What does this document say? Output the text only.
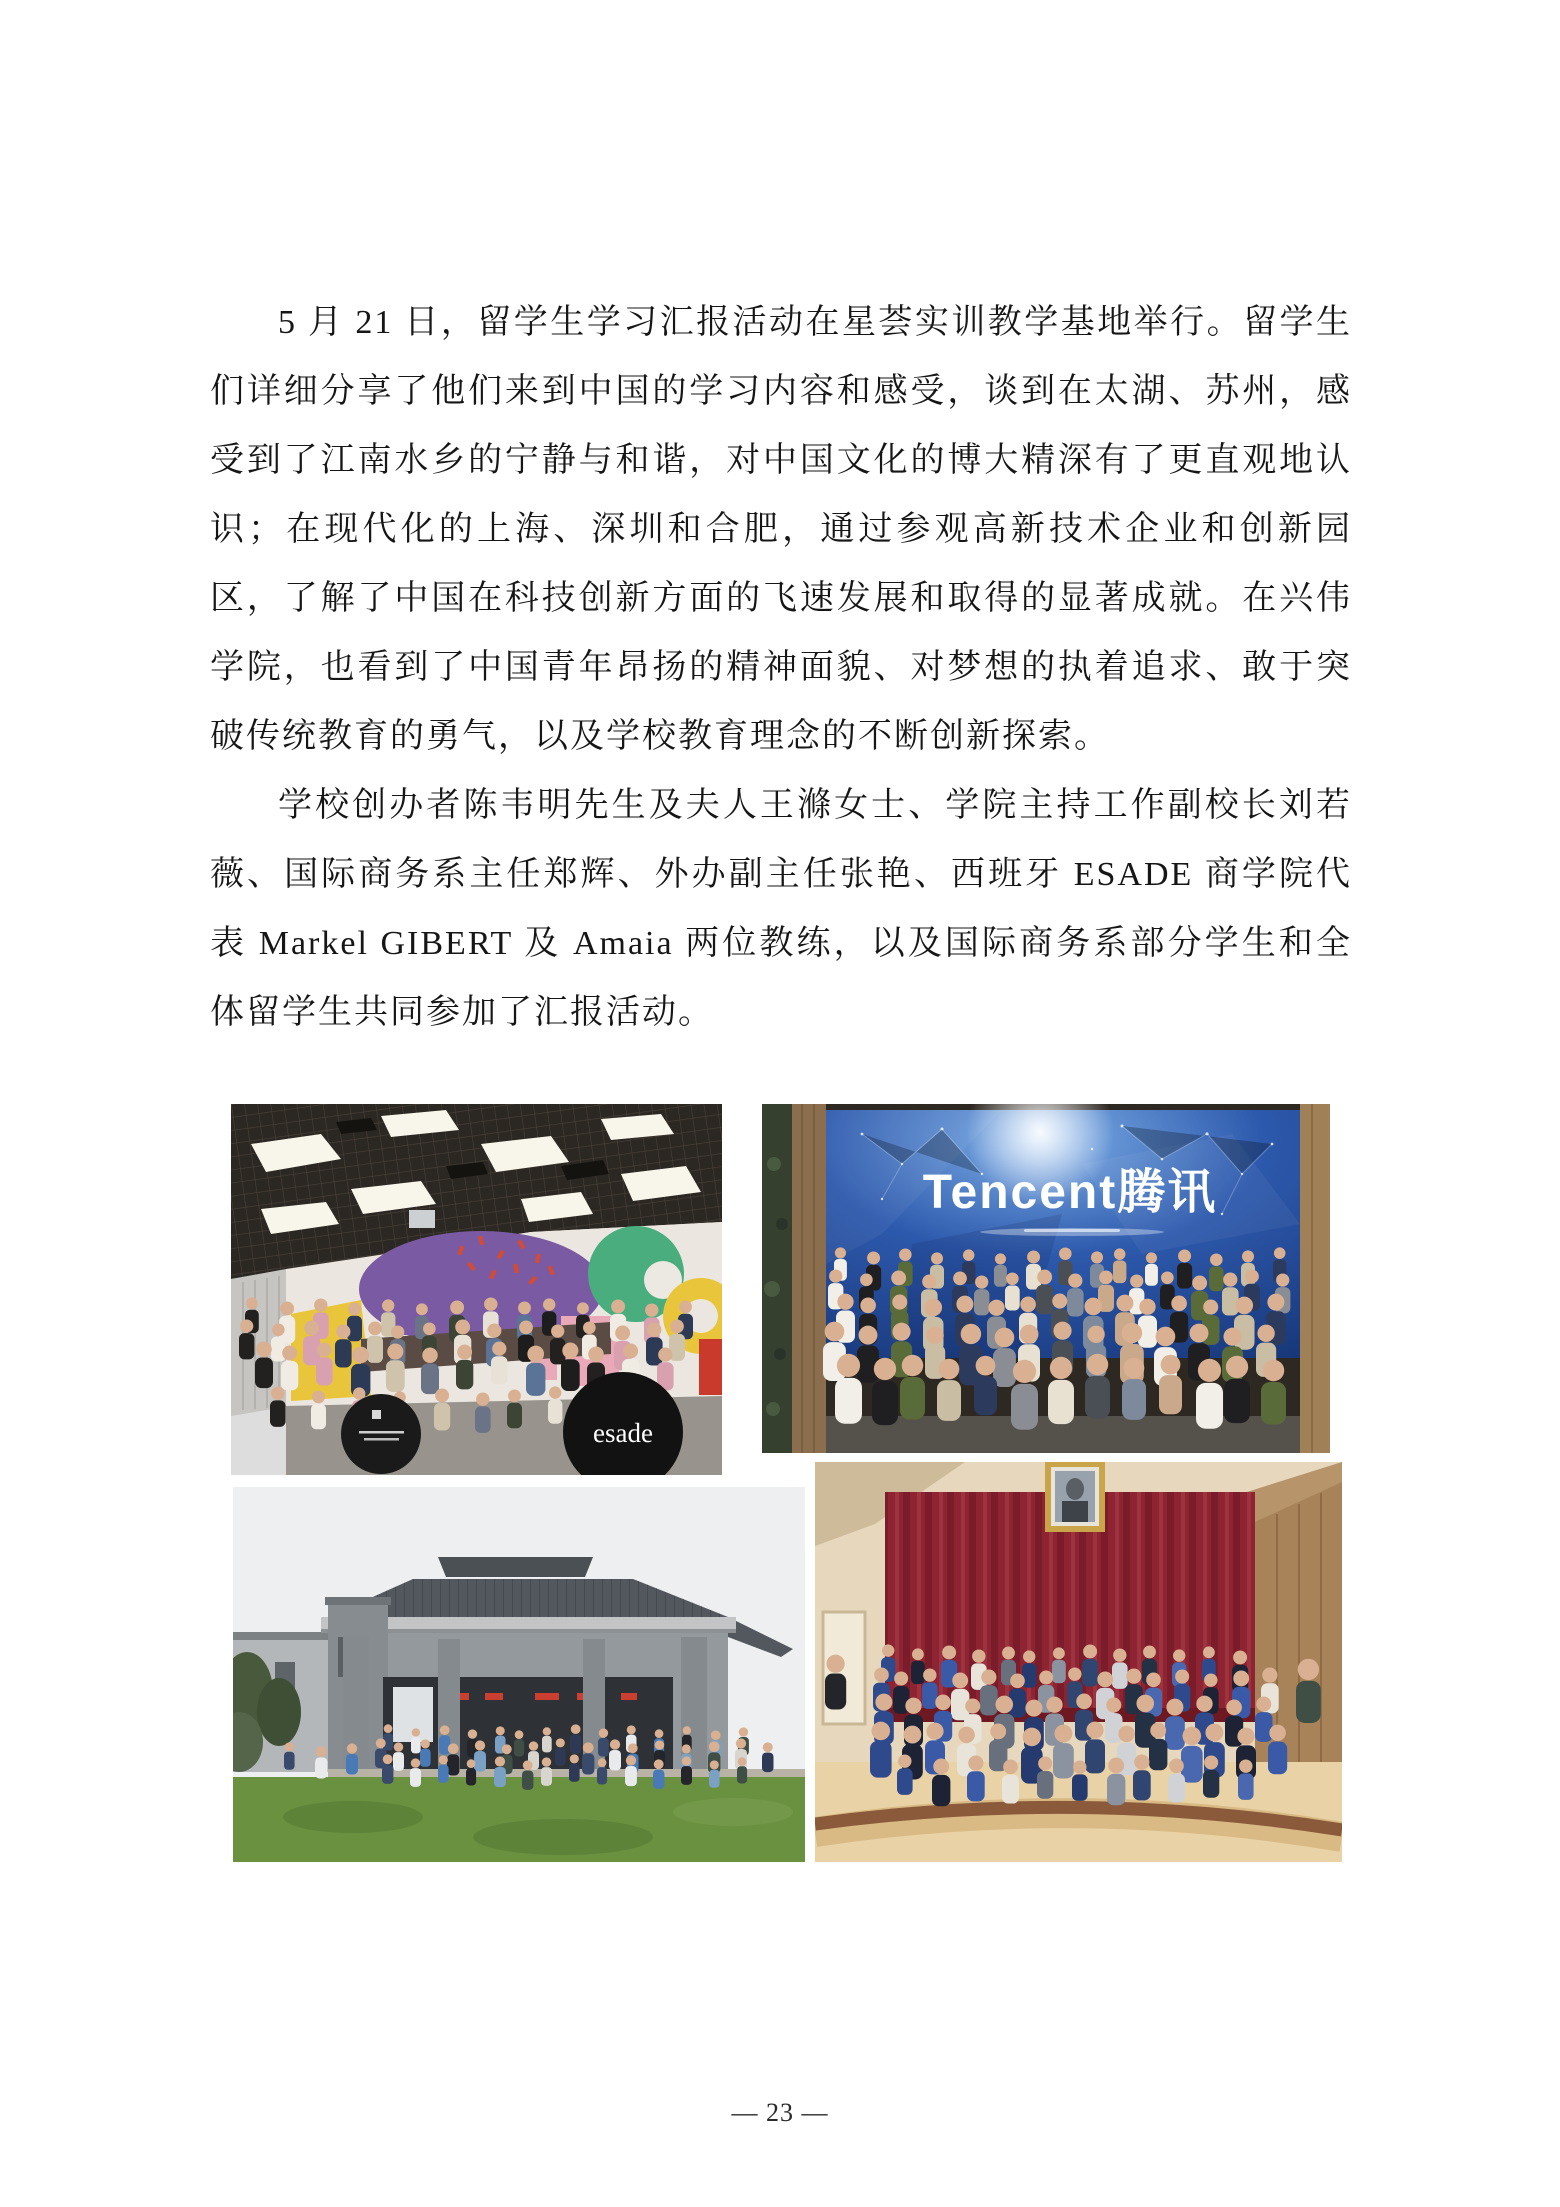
5 月 21 日，留学生学习汇报活动在星荟实训教学基地举行。留学生们详细分享了他们来到中国的学习内容和感受，谈到在太湖、苏州，感受到了江南水乡的宁静与和谐，对中国文化的博大精深有了更直观地认识；在现代化的上海、深圳和合肥，通过参观高新技术企业和创新园区，了解了中国在科技创新方面的飞速发展和取得的显著成就。在兴伟学院，也看到了中国青年昂扬的精神面貌、对梦想的执着追求、敢于突破传统教育的勇气，以及学校教育理念的不断创新探索。

学校创办者陈韦明先生及夫人王滌女士、学院主持工作副校长刘若薇、国际商务系主任郑辉、外办副主任张艳、西班牙 ESADE 商学院代表 Markel GIBERT 及 Amaia 两位教练，以及国际商务系部分学生和全体留学生共同参加了汇报活动。

esade
Tencent腾讯
— 23 —
